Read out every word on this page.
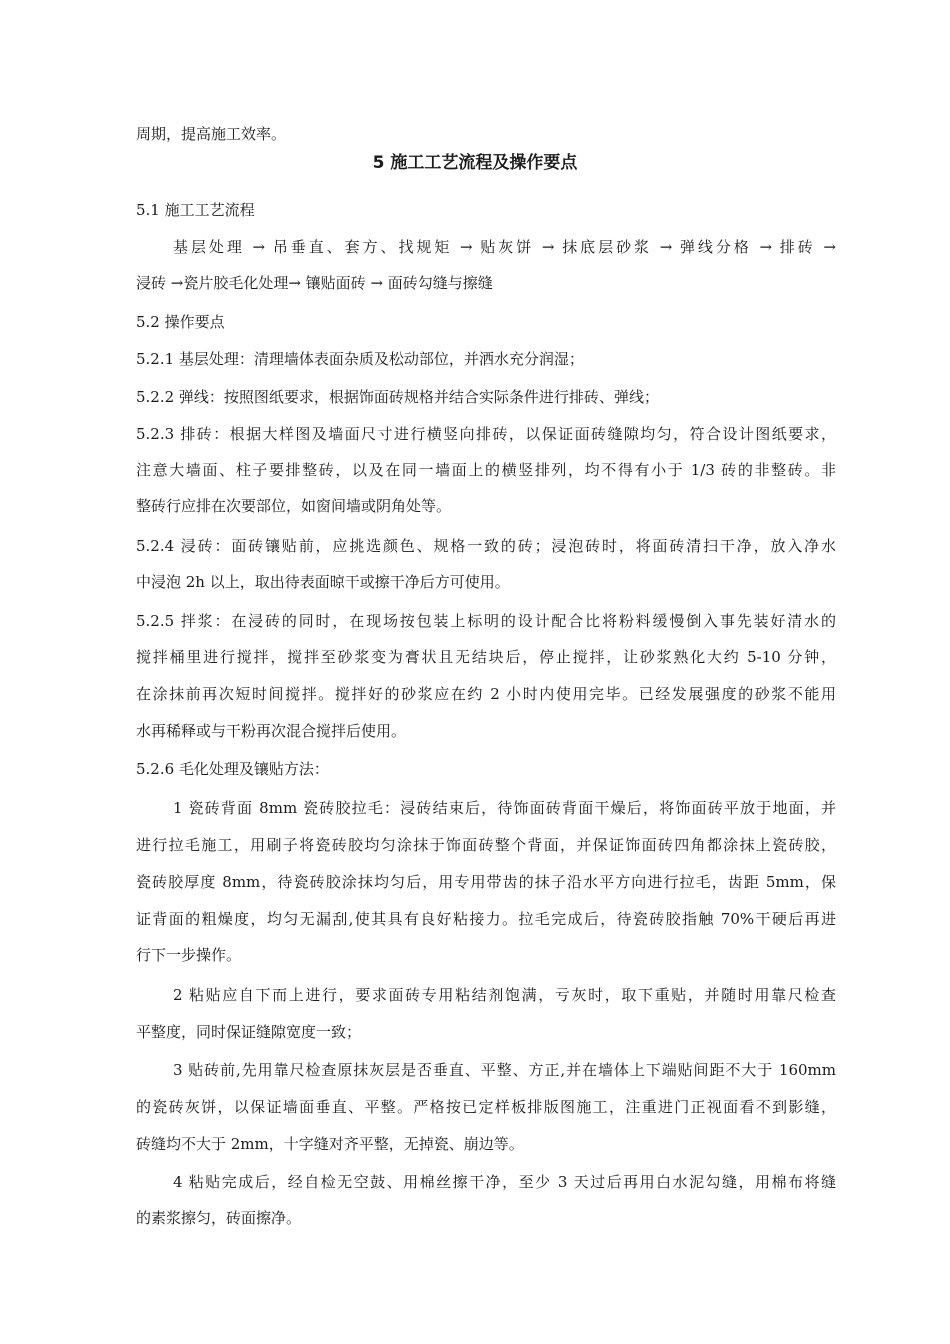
周期，提高施工效率。
5 施工工艺流程及操作要点
5.1 施工工艺流程
基层处理 → 吊垂直、套方、找规矩 → 贴灰饼 → 抹底层砂浆 → 弹线分格 → 排砖 →
浸砖 →瓷片胶毛化处理→ 镶贴面砖 → 面砖勾缝与擦缝
5.2 操作要点
5.2.1 基层处理：清理墙体表面杂质及松动部位，并洒水充分润湿；
5.2.2 弹线：按照图纸要求，根据饰面砖规格并结合实际条件进行排砖、弹线；
5.2.3 排砖：根据大样图及墙面尺寸进行横竖向排砖，以保证面砖缝隙均匀，符合设计图纸要求，
注意大墙面、柱子要排整砖，以及在同一墙面上的横竖排列，均不得有小于 1/3 砖的非整砖。非
整砖行应排在次要部位，如窗间墙或阴角处等。
5.2.4 浸砖：面砖镶贴前，应挑选颜色、规格一致的砖；浸泡砖时，将面砖清扫干净，放入净水
中浸泡 2h 以上，取出待表面晾干或擦干净后方可使用。
5.2.5 拌浆：在浸砖的同时，在现场按包装上标明的设计配合比将粉料缓慢倒入事先装好清水的
搅拌桶里进行搅拌，搅拌至砂浆变为膏状且无结块后，停止搅拌，让砂浆熟化大约 5-10 分钟，
在涂抹前再次短时间搅拌。搅拌好的砂浆应在约 2 小时内使用完毕。已经发展强度的砂浆不能用
水再稀释或与干粉再次混合搅拌后使用。
5.2.6 毛化处理及镶贴方法：
1 瓷砖背面 8mm 瓷砖胶拉毛：浸砖结束后，待饰面砖背面干燥后，将饰面砖平放于地面，并
进行拉毛施工，用刷子将瓷砖胶均匀涂抹于饰面砖整个背面，并保证饰面砖四角都涂抹上瓷砖胶，
瓷砖胶厚度 8mm，待瓷砖胶涂抹均匀后，用专用带齿的抹子沿水平方向进行拉毛，齿距 5mm，保
证背面的粗燥度，均匀无漏刮,使其具有良好粘接力。拉毛完成后，待瓷砖胶指触 70%干硬后再进
行下一步操作。
2 粘贴应自下而上进行，要求面砖专用粘结剂饱满，亏灰时，取下重贴，并随时用靠尺检查
平整度，同时保证缝隙宽度一致；
3 贴砖前,先用靠尺检查原抹灰层是否垂直、平整、方正,并在墙体上下端贴间距不大于 160mm
的瓷砖灰饼，以保证墙面垂直、平整。严格按已定样板排版图施工，注重进门正视面看不到影缝，
砖缝均不大于 2mm，十字缝对齐平整，无掉瓷、崩边等。
4 粘贴完成后，经自检无空鼓、用棉丝擦干净，至少 3 天过后再用白水泥勾缝，用棉布将缝
的素浆擦匀，砖面擦净。
